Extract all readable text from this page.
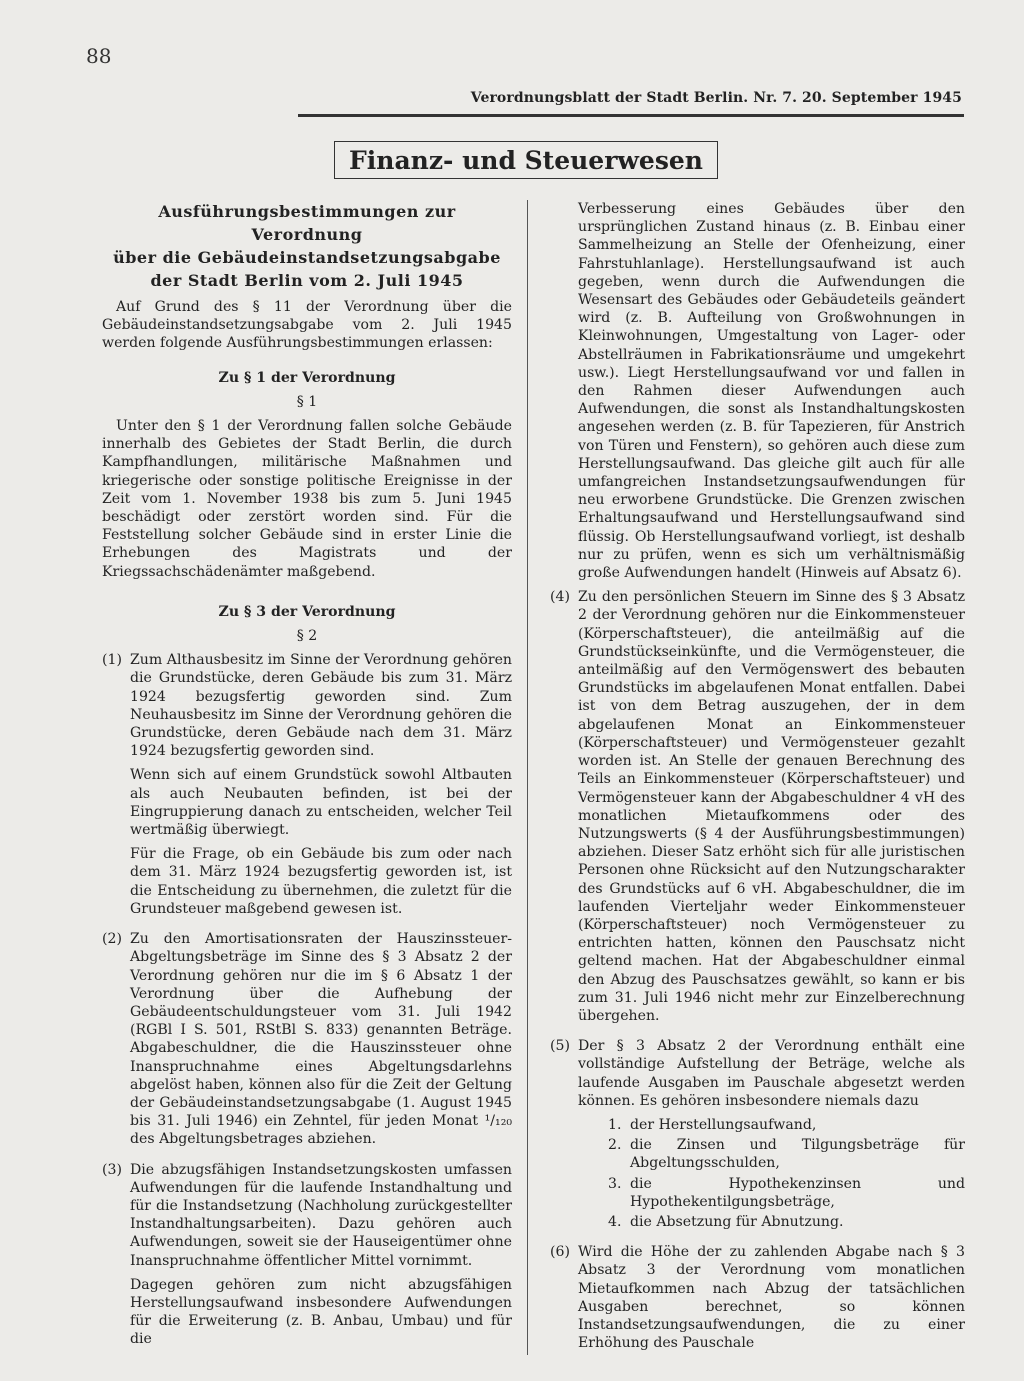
88
Verordnungsblatt der Stadt Berlin. Nr. 7. 20. September 1945
Finanz- und Steuerwesen
Ausführungsbestimmungen zur Verordnung
über die Gebäudeinstandsetzungsabgabe
der Stadt Berlin vom 2. Juli 1945

Auf Grund des § 11 der Verordnung über die Gebäudeinstandsetzungsabgabe vom 2. Juli 1945 werden folgende Ausführungsbestimmungen erlassen:

Zu § 1 der Verordnung
§ 1

Unter den § 1 der Verordnung fallen solche Gebäude innerhalb des Gebietes der Stadt Berlin, die durch Kampfhandlungen, militärische Maßnahmen und kriegerische oder sonstige politische Ereignisse in der Zeit vom 1. November 1938 bis zum 5. Juni 1945 beschädigt oder zerstört worden sind. Für die Feststellung solcher Gebäude sind in erster Linie die Erhebungen des Magistrats und der Kriegssachschädenämter maßgebend.

Zu § 3 der Verordnung
§ 2
(1) Zum Althausbesitz im Sinne der Verordnung gehören die Grundstücke, deren Gebäude bis zum 31. März 1924 bezugsfertig geworden sind. Zum Neuhausbesitz im Sinne der Verordnung gehören die Grundstücke, deren Gebäude nach dem 31. März 1924 bezugsfertig geworden sind.

Wenn sich auf einem Grundstück sowohl Altbauten als auch Neubauten befinden, ist bei der Eingruppierung danach zu entscheiden, welcher Teil wertmäßig überwiegt.

Für die Frage, ob ein Gebäude bis zum oder nach dem 31. März 1924 bezugsfertig geworden ist, ist die Entscheidung zu übernehmen, die zuletzt für die Grundsteuer maßgebend gewesen ist.

(2) Zu den Amortisationsraten der Hauszinssteuer-Abgeltungsbeträge im Sinne des § 3 Absatz 2 der Verordnung gehören nur die im § 6 Absatz 1 der Verordnung über die Aufhebung der Gebäudeentschuldungsteuer vom 31. Juli 1942 (RGBl I S. 501, RStBl S. 833) genannten Beträge. Abgabeschuldner, die die Hauszinssteuer ohne Inanspruchnahme eines Abgeltungsdarlehns abgelöst haben, können also für die Zeit der Geltung der Gebäudeinstandsetzungsabgabe (1. August 1945 bis 31. Juli 1946) ein Zehntel, für jeden Monat ¹/₁₂₀ des Abgeltungsbetrages abziehen.

(3) Die abzugsfähigen Instandsetzungskosten umfassen Aufwendungen für die laufende Instandhaltung und für die Instandsetzung (Nachholung zurückgestellter Instandhaltungsarbeiten). Dazu gehören auch Aufwendungen, soweit sie der Hauseigentümer ohne Inanspruchnahme öffentlicher Mittel vornimmt.

Dagegen gehören zum nicht abzugsfähigen Herstellungsaufwand insbesondere Aufwendungen für die Erweiterung (z. B. Anbau, Umbau) und für die

Verbesserung eines Gebäudes über den ursprünglichen Zustand hinaus (z. B. Einbau einer Sammelheizung an Stelle der Ofenheizung, einer Fahrstuhlanlage). Herstellungsaufwand ist auch gegeben, wenn durch die Aufwendungen die Wesensart des Gebäudes oder Gebäudeteils geändert wird (z. B. Aufteilung von Großwohnungen in Kleinwohnungen, Umgestaltung von Lager- oder Abstellräumen in Fabrikationsräume und umgekehrt usw.). Liegt Herstellungsaufwand vor und fallen in den Rahmen dieser Aufwendungen auch Aufwendungen, die sonst als Instandhaltungskosten angesehen werden (z. B. für Tapezieren, für Anstrich von Türen und Fenstern), so gehören auch diese zum Herstellungsaufwand. Das gleiche gilt auch für alle umfangreichen Instandsetzungsaufwendungen für neu erworbene Grundstücke. Die Grenzen zwischen Erhaltungsaufwand und Herstellungsaufwand sind flüssig. Ob Herstellungsaufwand vorliegt, ist deshalb nur zu prüfen, wenn es sich um verhältnismäßig große Aufwendungen handelt (Hinweis auf Absatz 6).

(4) Zu den persönlichen Steuern im Sinne des § 3 Absatz 2 der Verordnung gehören nur die Einkommensteuer (Körperschaftsteuer), die anteilmäßig auf die Grundstückseinkünfte, und die Vermögensteuer, die anteilmäßig auf den Vermögenswert des bebauten Grundstücks im abgelaufenen Monat entfallen. Dabei ist von dem Betrag auszugehen, der in dem abgelaufenen Monat an Einkommensteuer (Körperschaftsteuer) und Vermögensteuer gezahlt worden ist. An Stelle der genauen Berechnung des Teils an Einkommensteuer (Körperschaftsteuer) und Vermögensteuer kann der Abgabeschuldner 4 vH des monatlichen Mietaufkommens oder des Nutzungswerts (§ 4 der Ausführungsbestimmungen) abziehen. Dieser Satz erhöht sich für alle juristischen Personen ohne Rücksicht auf den Nutzungscharakter des Grundstücks auf 6 vH. Abgabeschuldner, die im laufenden Vierteljahr weder Einkommensteuer (Körperschaftsteuer) noch Vermögensteuer zu entrichten hatten, können den Pauschsatz nicht geltend machen. Hat der Abgabeschuldner einmal den Abzug des Pauschsatzes gewählt, so kann er bis zum 31. Juli 1946 nicht mehr zur Einzelberechnung übergehen.

(5) Der § 3 Absatz 2 der Verordnung enthält eine vollständige Aufstellung der Beträge, welche als laufende Ausgaben im Pauschale abgesetzt werden können. Es gehören insbesondere niemals dazu

1. der Herstellungsaufwand,
2. die Zinsen und Tilgungsbeträge für Abgeltungsschulden,
3. die Hypothekenzinsen und Hypothekentilgungsbeträge,
4. die Absetzung für Abnutzung.
(6) Wird die Höhe der zu zahlenden Abgabe nach § 3 Absatz 3 der Verordnung vom monatlichen Mietaufkommen nach Abzug der tatsächlichen Ausgaben berechnet, so können Instandsetzungsaufwendungen, die zu einer Erhöhung des Pauschale
